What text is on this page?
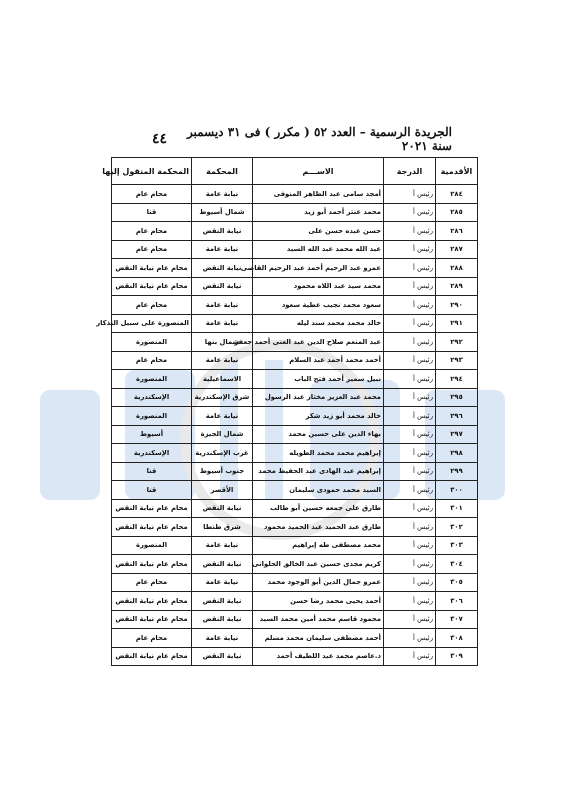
٤٤	الجريدة الرسمية – العدد ٥٢ ( مكرر ) فى ٣١ ديسمبر سنة ٢٠٢١
الأقدمية	الدرجة	الاســـم	المحكمة	المحكمة المنقول إليها
٢٨٤	رئيس أ	أمجد سامى عبد الظاهر المنوفى	نيابة عامة	محام عام
٢٨٥	رئيس أ	محمد عنتر أحمد أبو زيد	شمال أسيوط	قنا
٢٨٦	رئيس أ	حسن عبده حسن على	نيابة النقض	محام عام
٢٨٧	رئيس أ	عبد الله محمد عبد الله السيد	نيابة عامة	محام عام
٢٨٨	رئيس أ	عمرو عبد الرحيم أحمد عبد الرحيم القاضى	نيابة النقض	محام عام نيابة النقض
٢٨٩	رئيس أ	محمد سيد عبد اللاه محمود	نيابة النقض	محام عام نيابة النقض
٢٩٠	رئيس أ	سعود محمد نجيب عطية سعود	نيابة عامة	محام عام
٢٩١	رئيس أ	خالد محمد محمد سند ليله	نيابة عامة	المنصورة على سبيل التذكار
٢٩٢	رئيس أ	عبد المنعم صلاح الدين عبد الغنى أحمد جعفر	شمال بنها	المنصورة
٢٩٣	رئيس أ	أحمد محمد أحمد عبد السلام	نيابة عامة	محام عام
٢٩٤	رئيس أ	نبيل سمير أحمد فتح الباب	الاسماعيلية	المنصورة
٢٩٥	رئيس أ	محمد عبد العزيز مختار عبد الرسول	شرق الإسكندرية	الإسكندرية
٢٩٦	رئيس أ	خالد محمد أبو زيد شكر	نيابة عامة	المنصورة
٢٩٧	رئيس أ	بهاء الدين على حسين محمد	شمال الجيزة	أسيوط
٢٩٨	رئيس أ	إبراهيم محمد محمد الطويله	غرب الإسكندرية	الإسكندرية
٢٩٩	رئيس أ	إبراهيم عبد الهادى عبد الحفيظ محمد	جنوب أسيوط	قنا
٣٠٠	رئيس أ	السيد محمد حمودى سليمان	الأقصر	قنا
٣٠١	رئيس أ	طارق على جمعه حسين أبو طالب	نيابة النقض	محام عام نيابة النقض
٣٠٢	رئيس أ	طارق عبد الحميد عبد الحميد محمود	شرق طنطا	محام عام نيابة النقض
٣٠٣	رئيس أ	محمد مصطفى طه إبراهيم	نيابة عامة	المنصورة
٣٠٤	رئيس أ	كريم مجدى حسين عبد الخالق الحلوانى	نيابة النقض	محام عام نيابة النقض
٣٠٥	رئيس أ	عمرو جمال الدين أبو الوجود محمد	نيابة عامة	محام عام
٣٠٦	رئيس أ	أحمد يحيى محمد رضا حسن	نيابة النقض	محام عام نيابة النقض
٣٠٧	رئيس أ	محمود قاسم محمد أمين محمد السيد	نيابة النقض	محام عام نيابة النقض
٣٠٨	رئيس أ	أحمد مصطفى سليمان محمد مسلم	نيابة عامة	محام عام
٣٠٩	رئيس أ	د.عاصم محمد عبد اللطيف أحمد	نيابة النقض	محام عام نيابة النقض
